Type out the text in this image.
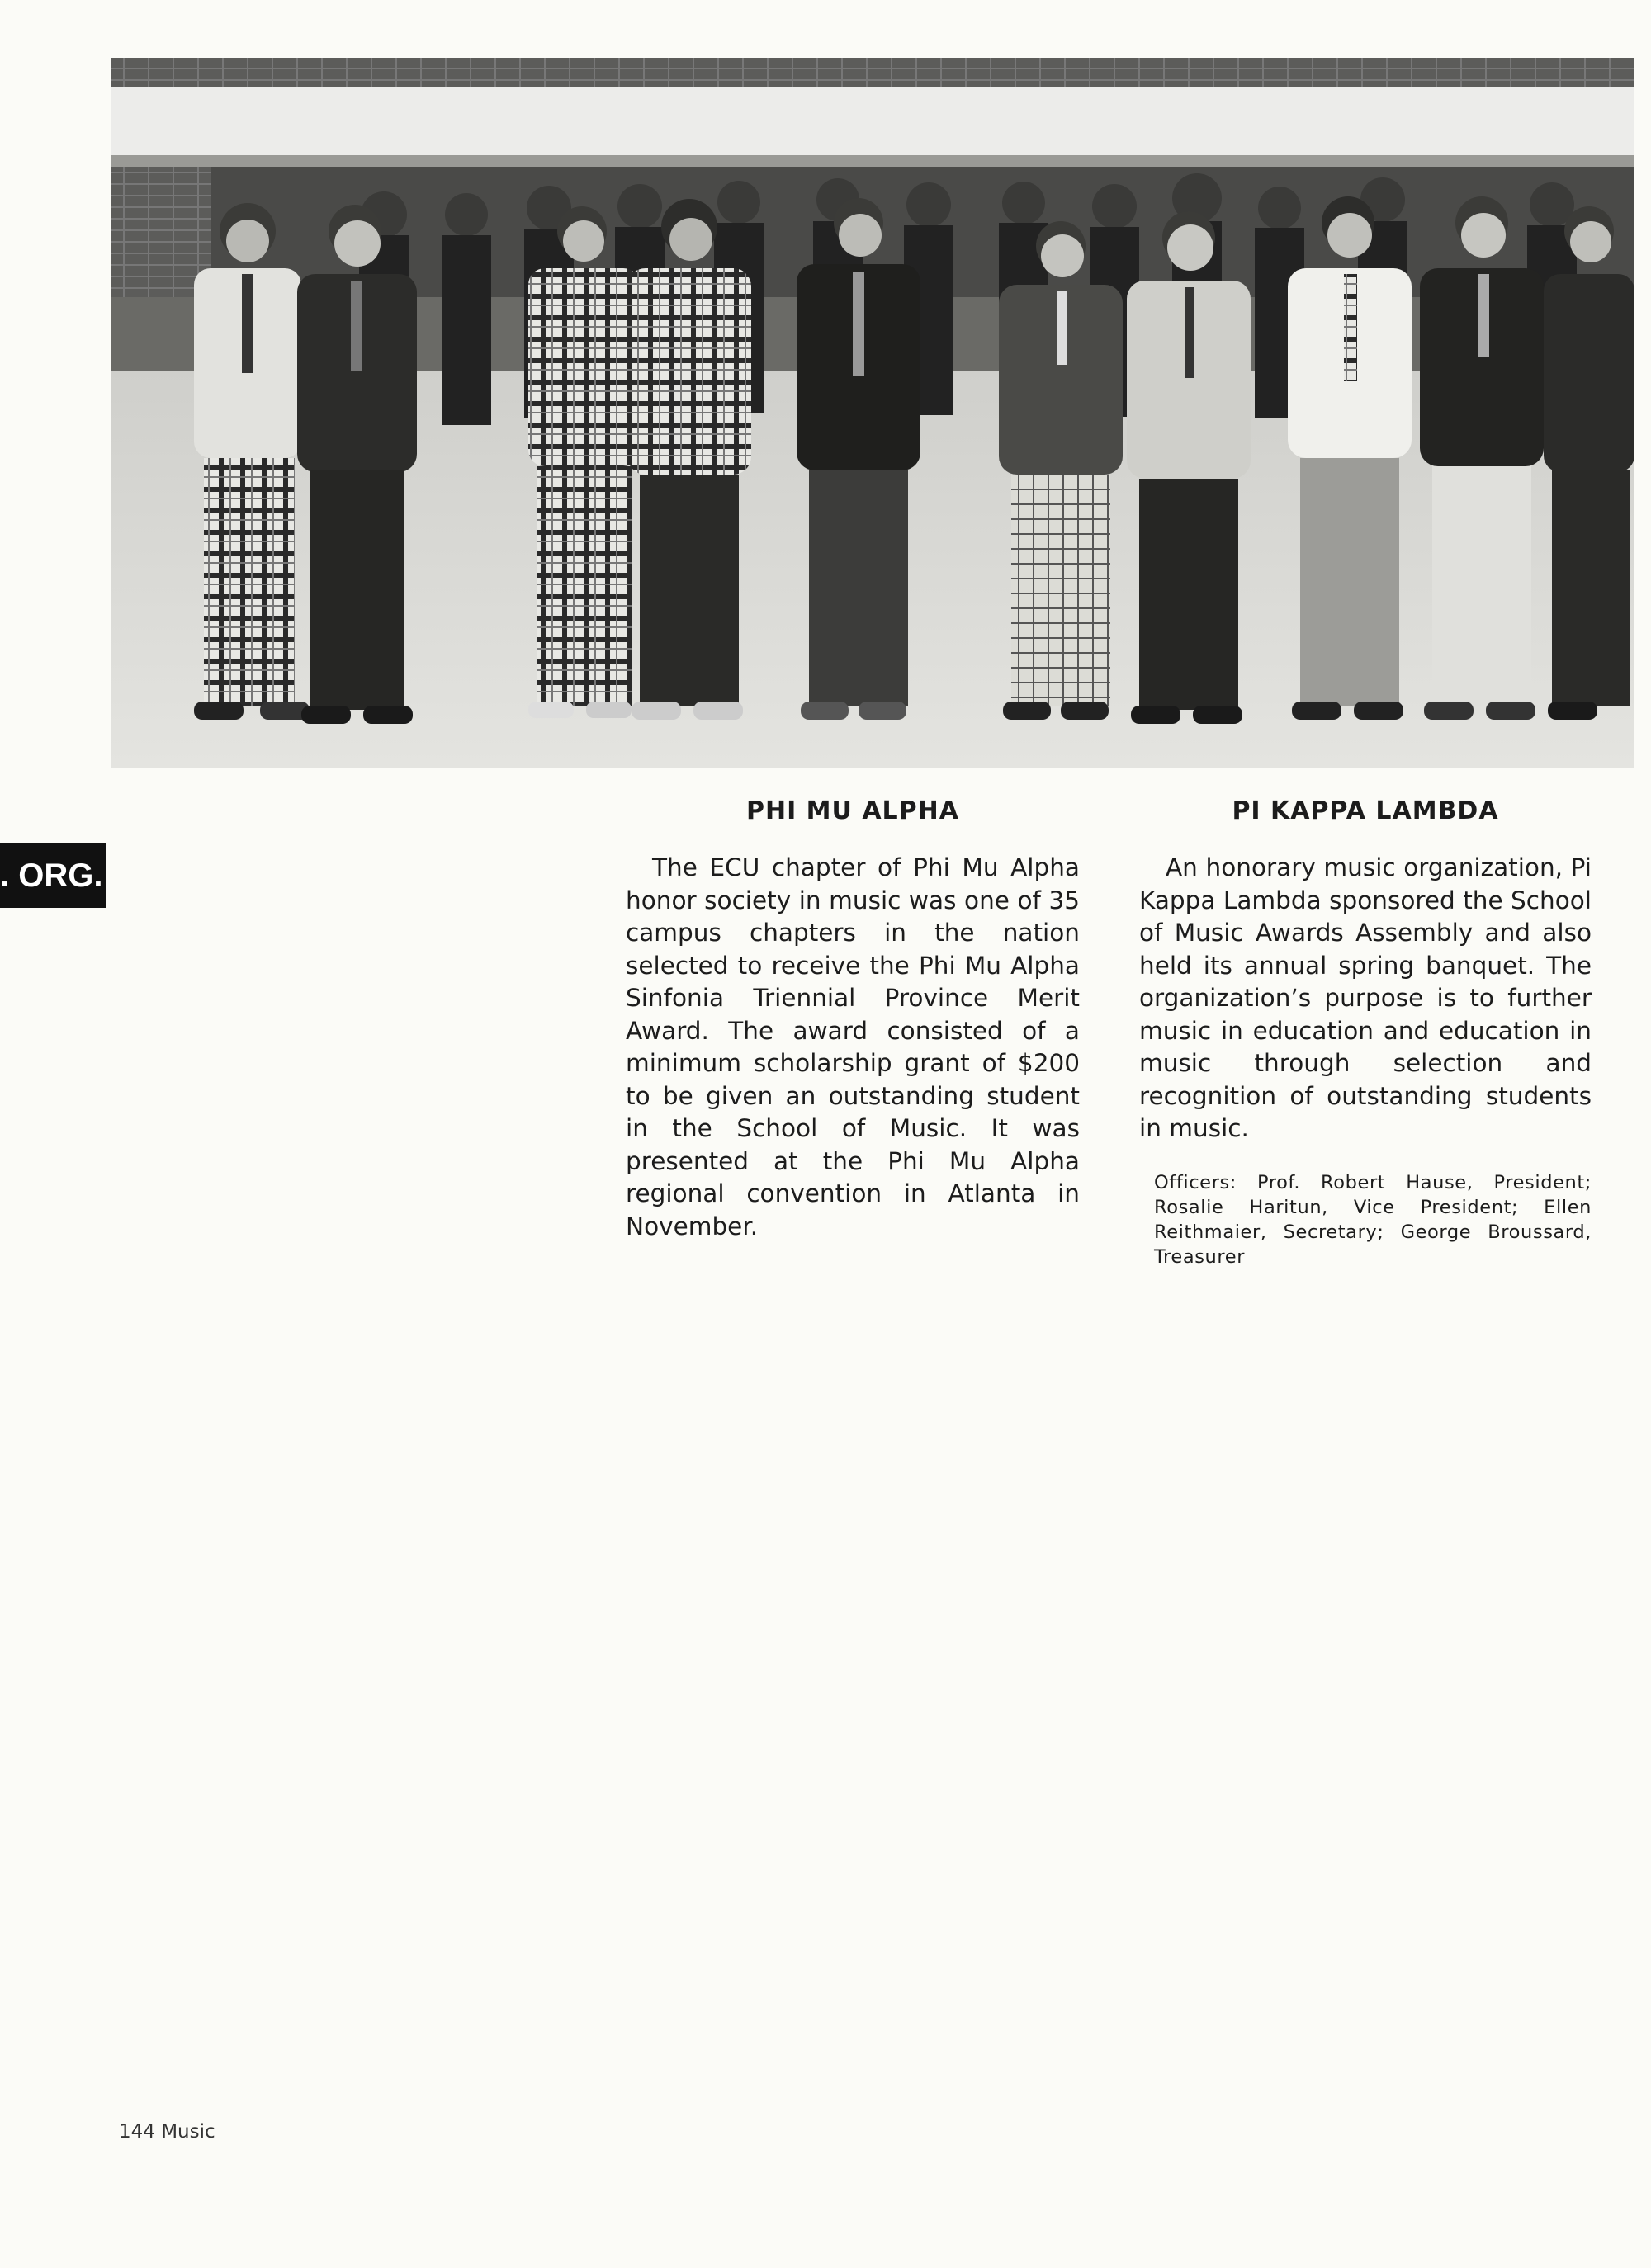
. ORG.
PHI MU ALPHA

The ECU chapter of Phi Mu Alpha honor society in music was one of 35 campus chapters in the nation selected to receive the Phi Mu Alpha Sinfonia Triennial Province Merit Award. The award consisted of a minimum scholarship grant of $200 to be given an outstanding student in the School of Music. It was presented at the Phi Mu Alpha regional convention in Atlanta in November.

PI KAPPA LAMBDA

An honorary music organization, Pi Kappa Lambda sponsored the School of Music Awards Assembly and also held its annual spring banquet. The organization’s purpose is to further music in education and education in music through selection and recognition of outstanding students in music.

Officers: Prof. Robert Hause, President; Rosalie Haritun, Vice President; Ellen Reithmaier, Secretary; George Broussard, Treasurer

144 Music
